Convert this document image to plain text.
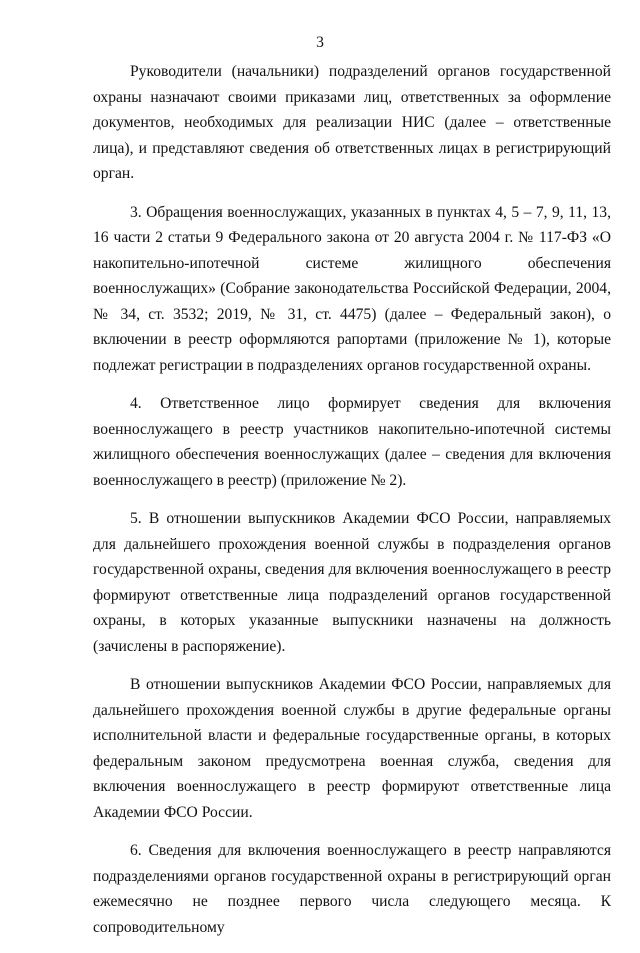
3

Руководители (начальники) подразделений органов государственной охраны назначают своими приказами лиц, ответственных за оформление документов, необходимых для реализации НИС (далее – ответственные лица), и представляют сведения об ответственных лицах в регистрирующий орган.

3. Обращения военнослужащих, указанных в пунктах 4, 5 – 7, 9, 11, 13, 16 части 2 статьи 9 Федерального закона от 20 августа 2004 г. № 117-ФЗ «О накопительно-ипотечной системе жилищного обеспечения военнослужащих» (Собрание законодательства Российской Федерации, 2004, № 34, ст. 3532; 2019, № 31, ст. 4475) (далее – Федеральный закон), о включении в реестр оформляются рапортами (приложение № 1), которые подлежат регистрации в подразделениях органов государственной охраны.

4. Ответственное лицо формирует сведения для включения военнослужащего в реестр участников накопительно-ипотечной системы жилищного обеспечения военнослужащих (далее – сведения для включения военнослужащего в реестр) (приложение № 2).

5. В отношении выпускников Академии ФСО России, направляемых для дальнейшего прохождения военной службы в подразделения органов государственной охраны, сведения для включения военнослужащего в реестр формируют ответственные лица подразделений органов государственной охраны, в которых указанные выпускники назначены на должность (зачислены в распоряжение).

В отношении выпускников Академии ФСО России, направляемых для дальнейшего прохождения военной службы в другие федеральные органы исполнительной власти и федеральные государственные органы, в которых федеральным законом предусмотрена военная служба, сведения для включения военнослужащего в реестр формируют ответственные лица Академии ФСО России.

6. Сведения для включения военнослужащего в реестр направляются подразделениями органов государственной охраны в регистрирующий орган ежемесячно не позднее первого числа следующего месяца. К сопроводительному
